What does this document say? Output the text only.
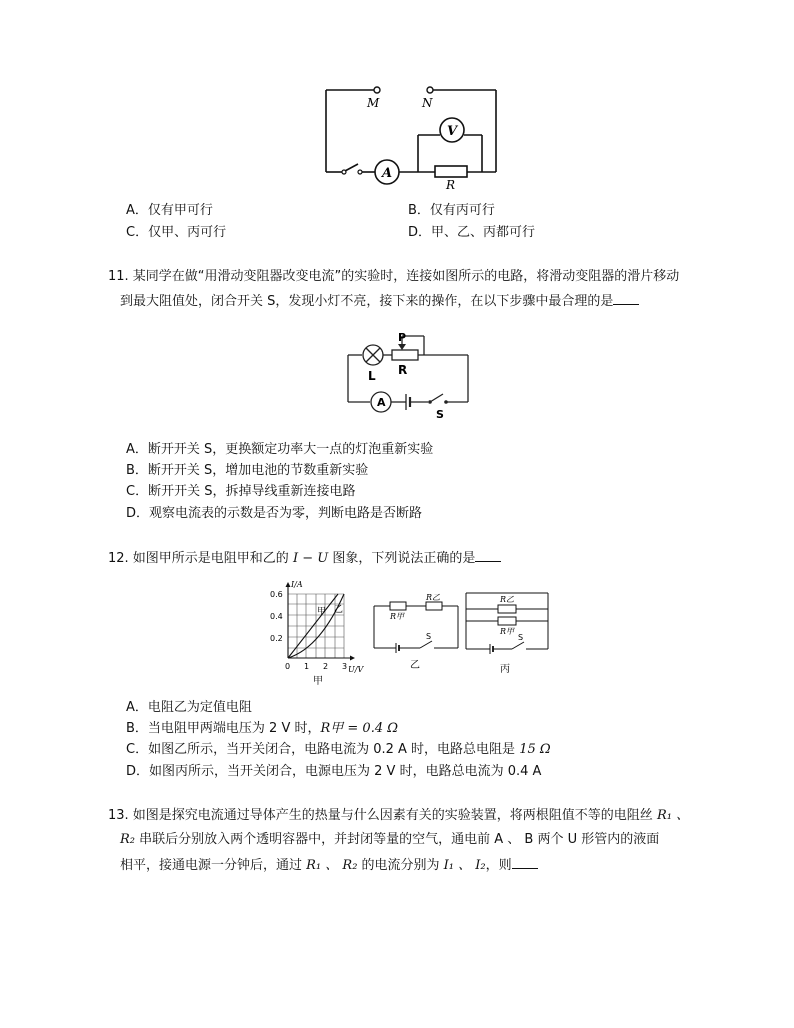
M	N
A
V
R
A．仅有甲可行	B．仅有丙可行
C．仅甲、丙可行	D．甲、乙、丙都可行
11. 某同学在做“用滑动变阻器改变电流”的实验时，连接如图所示的电路，将滑动变阻器的滑片移动
到最大阻值处，闭合开关 S，发现小灯不亮，接下来的操作，在以下步骤中最合理的是
P
R
L
A
S
A．断开开关 S，更换额定功率大一点的灯泡重新实验
B．断开开关 S，增加电池的节数重新实验
C．断开开关 S，拆掉导线重新连接电路
D．观察电流表的示数是否为零，判断电路是否断路
12. 如图甲所示是电阻甲和乙的 I − U 图象，下列说法正确的是
I/A
U/V
0.6
0.4
0.2
0 1 2 3
甲 乙
甲
R甲
R乙
S
乙
R乙
R甲
S
丙
A．电阻乙为定值电阻
B．当电阻甲两端电压为 2 V 时，R甲 = 0.4 Ω
C．如图乙所示，当开关闭合，电路电流为 0.2 A 时，电路总电阻是 15 Ω
D．如图丙所示，当开关闭合，电源电压为 2 V 时，电路总电流为 0.4 A
13. 如图是探究电流通过导体产生的热量与什么因素有关的实验装置，将两根阻值不等的电阻丝 R₁ 、
R₂ 串联后分别放入两个透明容器中，并封闭等量的空气，通电前 A 、 B 两个 U 形管内的液面
相平，接通电源一分钟后，通过 R₁ 、 R₂ 的电流分别为 I₁ 、 I₂，则
